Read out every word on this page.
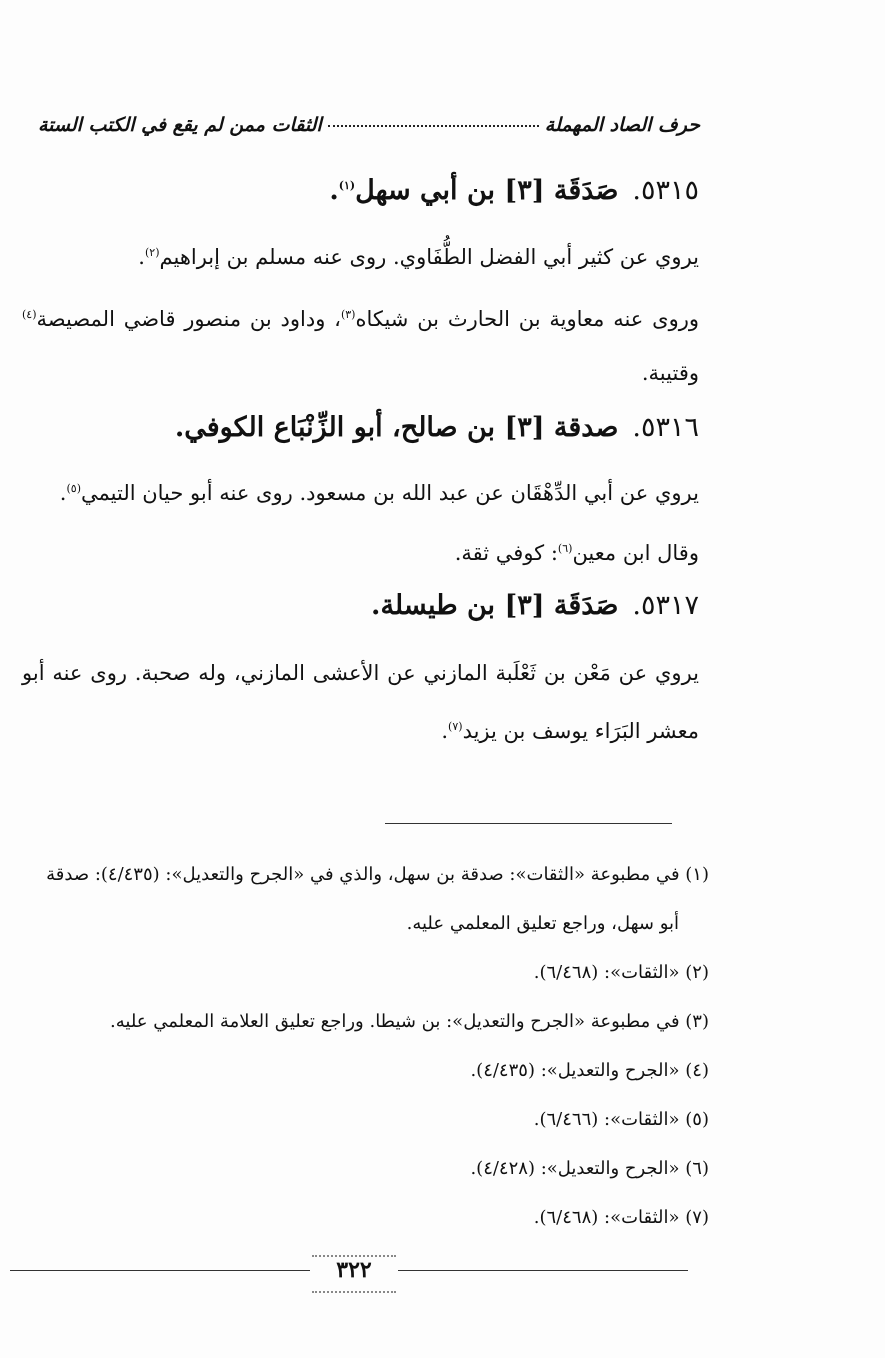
الثقات ممن لم يقع في الكتب الستة	حرف الصاد المهملة
٥٣١٥.صَدَقَة [٣] بن أبي سهل$^{(١)}$.
يروي عن كثير أبي الفضل الطُّفَاوي. روى عنه مسلم بن إبراهيم$^{(٢)}$.
وروى عنه معاوية بن الحارث بن شيكاه$^{(٣)}$، وداود بن منصور قاضي المصيصة$^{(٤)}$ وقتيبة.
٥٣١٦.صدقة [٣] بن صالح، أبو الزِّنْبَاع الكوفي.
يروي عن أبي الدِّهْقَان عن عبد الله بن مسعود. روى عنه أبو حيان التيمي$^{(٥)}$.
وقال ابن معين$^{(٦)}$: كوفي ثقة.
٥٣١٧.صَدَقَة [٣] بن طيسلة.
يروي عن مَعْن بن ثَعْلَبة المازني عن الأعشى المازني، وله صحبة. روى عنه أبو معشر البَرَاء يوسف بن يزيد$^{(٧)}$.
(١) في مطبوعة «الثقات»: صدقة بن سهل، والذي في «الجرح والتعديل»: (٤/٤٣٥): صدقة
أبو سهل، وراجع تعليق المعلمي عليه.
(٢) «الثقات»: (٦/٤٦٨).
(٣) في مطبوعة «الجرح والتعديل»: بن شيطا. وراجع تعليق العلامة المعلمي عليه.
(٤) «الجرح والتعديل»: (٤/٤٣٥).
(٥) «الثقات»: (٦/٤٦٦).
(٦) «الجرح والتعديل»: (٤/٤٢٨).
(٧) «الثقات»: (٦/٤٦٨).
٣٢٢
